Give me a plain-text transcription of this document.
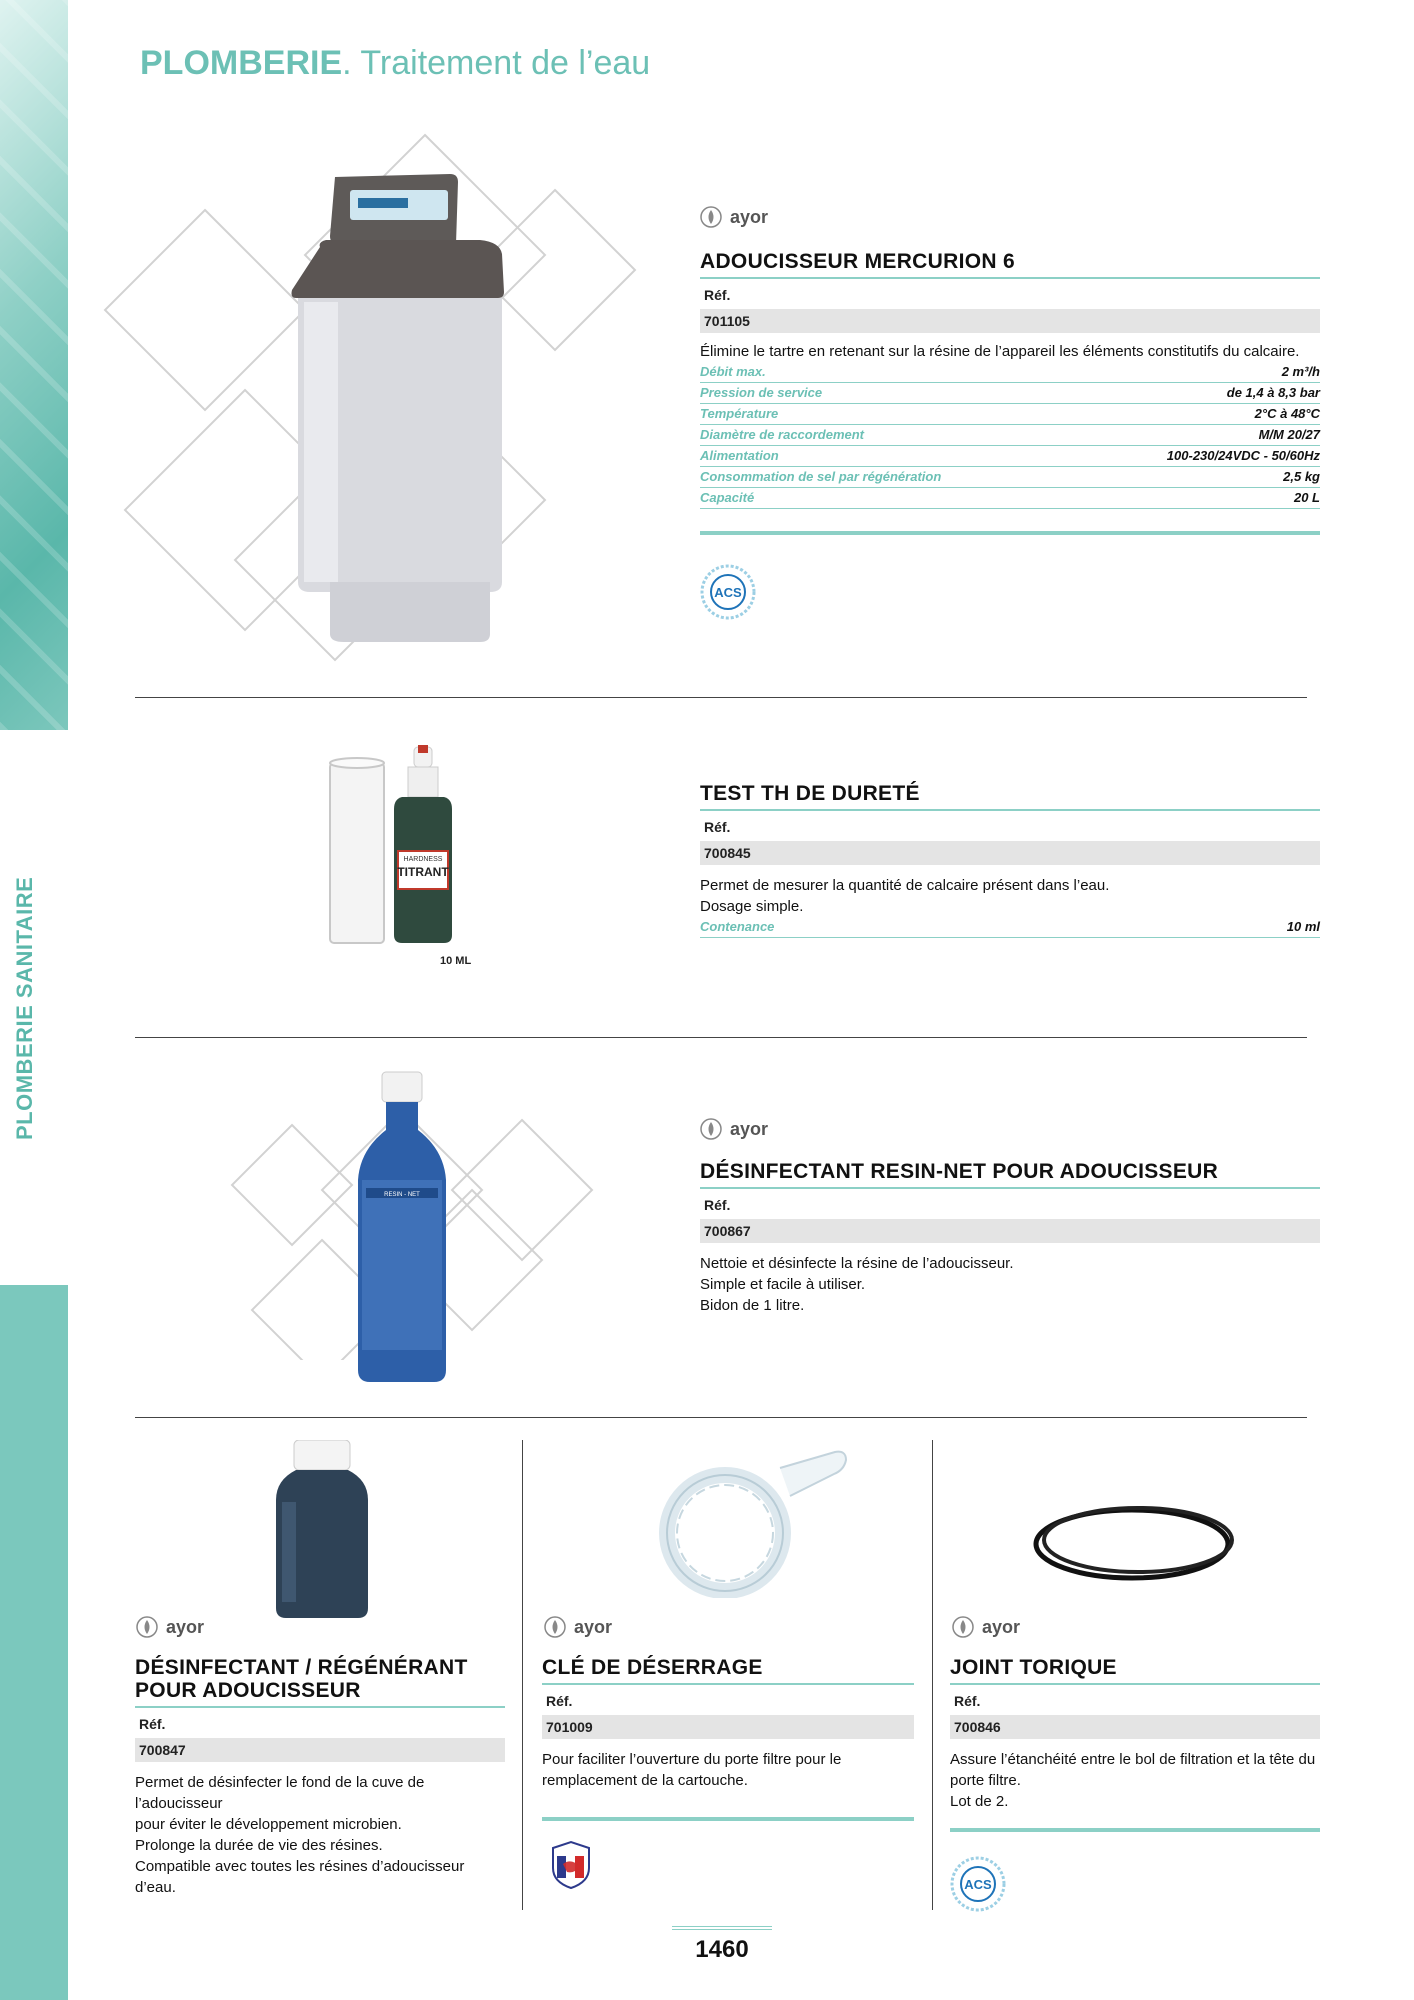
PLOMBERIE SANITAIRE
PLOMBERIE. Traitement de l’eau
ayor
ADOUCISSEUR MERCURION 6
Réf.
701105
Élimine le tartre en retenant sur la résine de l’appareil les éléments constitutifs du calcaire.
Débit max.	2 m³/h
Pression de service	de 1,4 à 8,3 bar
Température	2°C à 48°C
Diamètre de raccordement	M/M 20/27
Alimentation	100-230/24VDC - 50/60Hz
Consommation de sel par régénération	2,5 kg
Capacité	20 L
ACS
HARDNESS
TITRANT
10 ML
TEST TH DE DURETÉ
Réf.
700845
Permet de mesurer la quantité de calcaire présent dans l’eau.
Dosage simple.
Contenance	10 ml
RESIN - NET
ayor
DÉSINFECTANT RESIN-NET POUR ADOUCISSEUR
Réf.
700867
Nettoie et désinfecte la résine de l’adoucisseur.
Simple et facile à utiliser.
Bidon de 1 litre.
ayor
DÉSINFECTANT / RÉGÉNÉRANT POUR ADOUCISSEUR
Réf.
700847
Permet de désinfecter le fond de la cuve de l’adoucisseur
pour éviter le développement microbien.
Prolonge la durée de vie des résines.
Compatible avec toutes les résines d’adoucisseur d’eau.
ayor
CLÉ DE DÉSERRAGE
Réf.
701009
Pour faciliter l’ouverture du porte filtre pour le
remplacement de la cartouche.
ayor
JOINT TORIQUE
Réf.
700846
Assure l’étanchéité entre le bol de filtration et la tête du
porte filtre.
Lot de 2.
ACS
1460
